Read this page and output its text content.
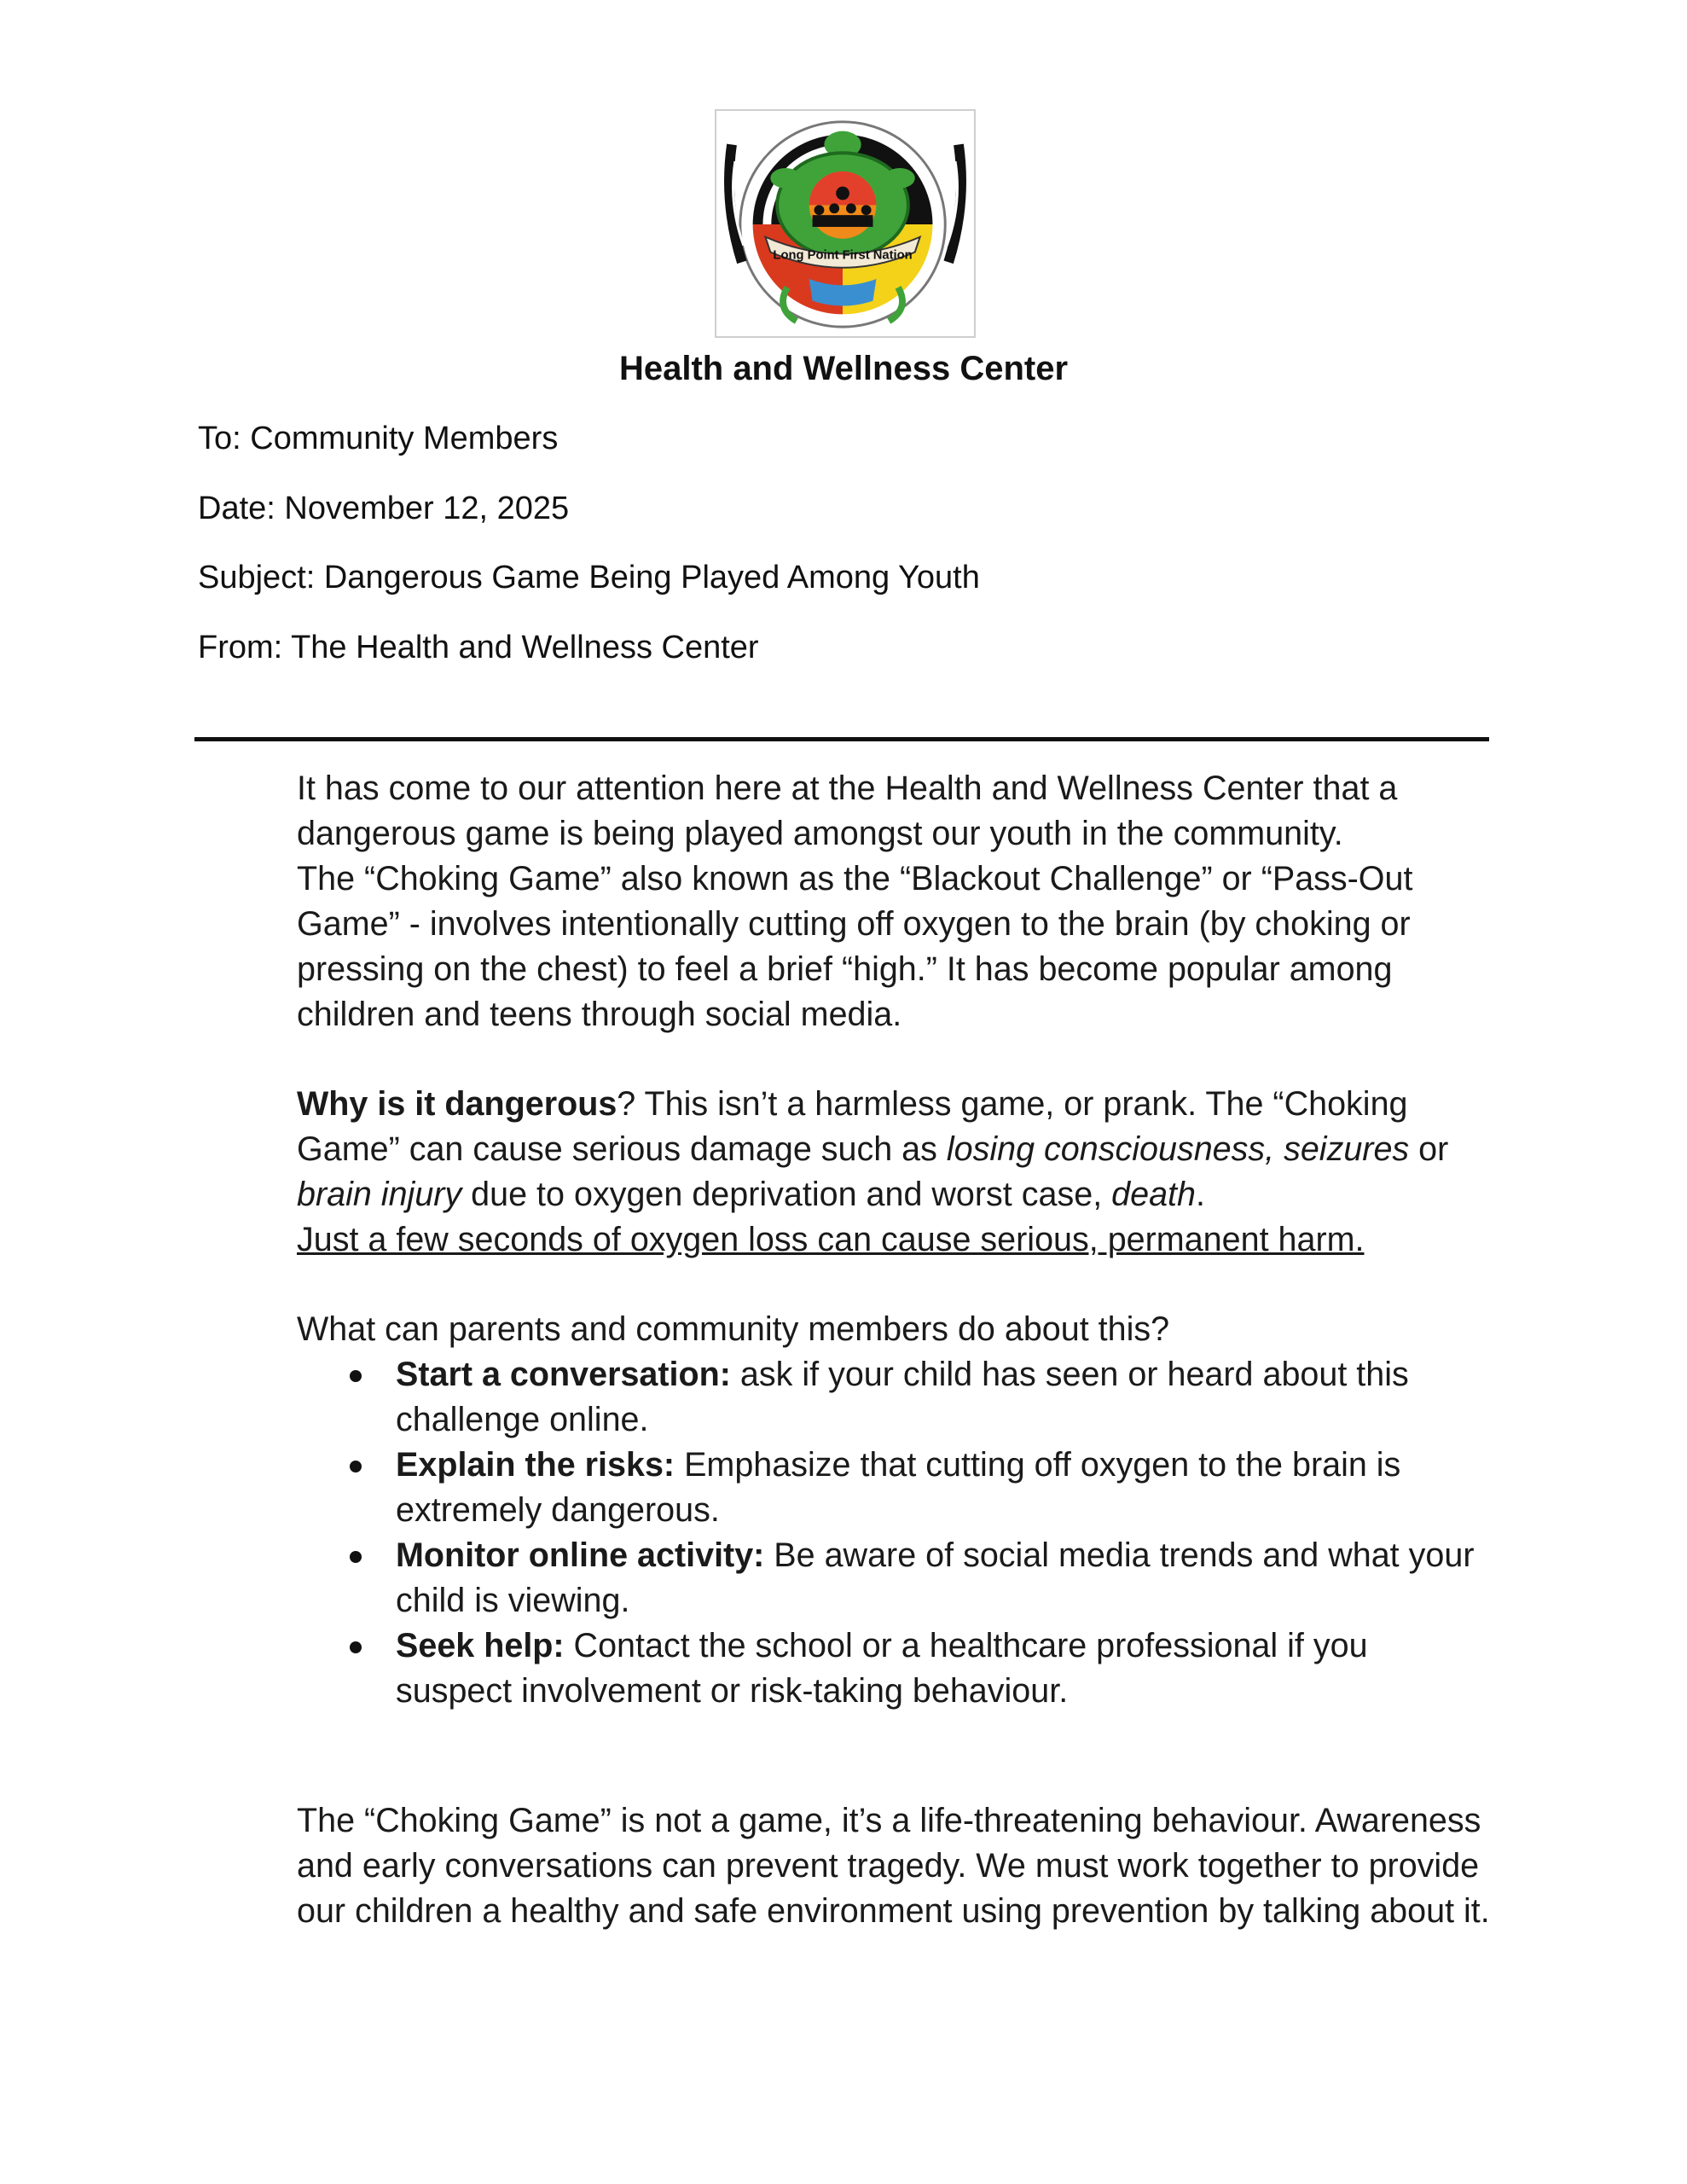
Long Point First Nation
Health and Wellness Center
To: Community Members
Date: November 12, 2025
Subject: Dangerous Game Being Played Among Youth
From: The Health and Wellness Center

It has come to our attention here at the Health and Wellness Center that a dangerous game is being played amongst our youth in the community.

The “Choking Game” also known as the “Blackout Challenge” or “Pass-Out Game” - involves intentionally cutting off oxygen to the brain (by choking or pressing on the chest) to feel a brief “high.” It has become popular among children and teens through social media.

Why is it dangerous? This isn’t a harmless game, or prank. The “Choking Game” can cause serious damage such as losing consciousness, seizures or brain injury due to oxygen deprivation and worst case, death.

Just a few seconds of oxygen loss can cause serious, permanent harm.

What can parents and community members do about this?

Start a conversation: ask if your child has seen or heard about this challenge online.
Explain the risks: Emphasize that cutting off oxygen to the brain is extremely dangerous.
Monitor online activity: Be aware of social media trends and what your child is viewing.
Seek help: Contact the school or a healthcare professional if you suspect involvement or risk-taking behaviour.

The “Choking Game” is not a game, it’s a life-threatening behaviour. Awareness and early conversations can prevent tragedy. We must work together to provide our children a healthy and safe environment using prevention by talking about it.
